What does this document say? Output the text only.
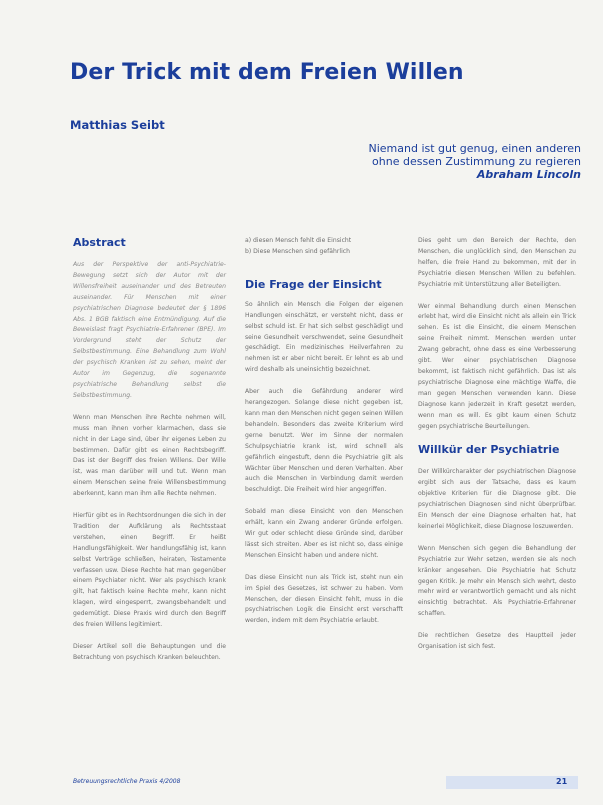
Der Trick mit dem Freien Willen
Matthias Seibt
Niemand ist gut genug, einen anderen
ohne dessen Zustimmung zu regieren
Abraham Lincoln
Abstract

Aus der Perspektive der anti-Psychiatrie-Bewegung setzt sich der Autor mit der Willensfreiheit auseinander und des Betreuten auseinander. Für Menschen mit einer psychiatrischen Diagnose bedeutet der § 1896 Abs. 1 BGB faktisch eine Entmündigung. Auf die Beweislast fragt Psychiatrie-Erfahrener (BPE). Im Vordergrund steht der Schutz der Selbstbestimmung. Eine Behandlung zum Wohl der psychisch Kranken ist zu sehen, meint der Autor im Gegenzug, die sogenannte psychiatrische Behandlung selbst die Selbstbestimmung.

Wenn man Menschen ihre Rechte nehmen will, muss man ihnen vorher klarmachen, dass sie nicht in der Lage sind, über ihr eigenes Leben zu bestimmen. Dafür gibt es einen Rechtsbegriff. Das ist der Begriff des freien Willens. Der Wille ist, was man darüber will und tut. Wenn man einem Menschen seine freie Willensbestimmung aberkennt, kann man ihm alle Rechte nehmen.

Hierfür gibt es in Rechtsordnungen die sich in der Tradition der Aufklärung als Rechtsstaat verstehen, einen Begriff. Er heißt Handlungsfähigkeit. Wer handlungsfähig ist, kann selbst Verträge schließen, heiraten, Testamente verfassen usw. Diese Rechte hat man gegenüber einem Psychiater nicht. Wer als psychisch krank gilt, hat faktisch keine Rechte mehr, kann nicht klagen, wird eingesperrt, zwangsbehandelt und gedemütigt. Diese Praxis wird durch den Begriff des freien Willens legitimiert.

Dieser Artikel soll die Behauptungen und die Betrachtung von psychisch Kranken beleuchten.

a) diesen Mensch fehlt die Einsicht
b) Diese Menschen sind gefährlich
Die Frage der Einsicht

So ähnlich ein Mensch die Folgen der eigenen Handlungen einschätzt, er versteht nicht, dass er selbst schuld ist. Er hat sich selbst geschädigt und seine Gesundheit verschwendet, seine Gesundheit geschädigt. Ein medizinisches Heilverfahren zu nehmen ist er aber nicht bereit. Er lehnt es ab und wird deshalb als uneinsichtig bezeichnet.

Aber auch die Gefährdung anderer wird herangezogen. Solange diese nicht gegeben ist, kann man den Menschen nicht gegen seinen Willen behandeln. Besonders das zweite Kriterium wird gerne benutzt. Wer im Sinne der normalen Schulpsychiatrie krank ist, wird schnell als gefährlich eingestuft, denn die Psychiatrie gilt als Wächter über Menschen und deren Verhalten. Aber auch die Menschen in Verbindung damit werden beschuldigt. Die Freiheit wird hier angegriffen.

Sobald man diese Einsicht von den Menschen erhält, kann ein Zwang anderer Gründe erfolgen. Wir gut oder schlecht diese Gründe sind, darüber lässt sich streiten. Aber es ist nicht so, dass einige Menschen Einsicht haben und andere nicht.

Das diese Einsicht nun als Trick ist, steht nun ein im Spiel des Gesetzes, ist schwer zu haben. Vom Menschen, der diesen Einsicht fehlt, muss in die psychiatrischen Logik die Einsicht erst verschafft werden, indem mit dem Psychiatrie erlaubt.

Dies geht um den Bereich der Rechte, den Menschen, die unglücklich sind, den Menschen zu helfen, die freie Hand zu bekommen, mit der in Psychiatrie diesen Menschen Willen zu befehlen. Psychiatrie mit Unterstützung aller Beteiligten.

Wer einmal Behandlung durch einen Menschen erlebt hat, wird die Einsicht nicht als allein ein Trick sehen. Es ist die Einsicht, die einem Menschen seine Freiheit nimmt. Menschen werden unter Zwang gebracht, ohne dass es eine Verbesserung gibt. Wer einer psychiatrischen Diagnose bekommt, ist faktisch nicht gefährlich. Das ist als psychiatrische Diagnose eine mächtige Waffe, die man gegen Menschen verwenden kann. Diese Diagnose kann jederzeit in Kraft gesetzt werden, wenn man es will. Es gibt kaum einen Schutz gegen psychiatrische Beurteilungen.

Willkür der Psychiatrie

Der Willkürcharakter der psychiatrischen Diagnose ergibt sich aus der Tatsache, dass es kaum objektive Kriterien für die Diagnose gibt. Die psychiatrischen Diagnosen sind nicht überprüfbar. Ein Mensch der eine Diagnose erhalten hat, hat keinerlei Möglichkeit, diese Diagnose loszuwerden.

Wenn Menschen sich gegen die Behandlung der Psychiatrie zur Wehr setzen, werden sie als noch kränker angesehen. Die Psychiatrie hat Schutz gegen Kritik. Je mehr ein Mensch sich wehrt, desto mehr wird er verantwortlich gemacht und als nicht einsichtig betrachtet. Als Psychiatrie-Erfahrener schaffen.

Die rechtlichen Gesetze des Hauptteil jeder Organisation ist sich fest.

Betreuungsrechtliche Praxis 4/2008	21
